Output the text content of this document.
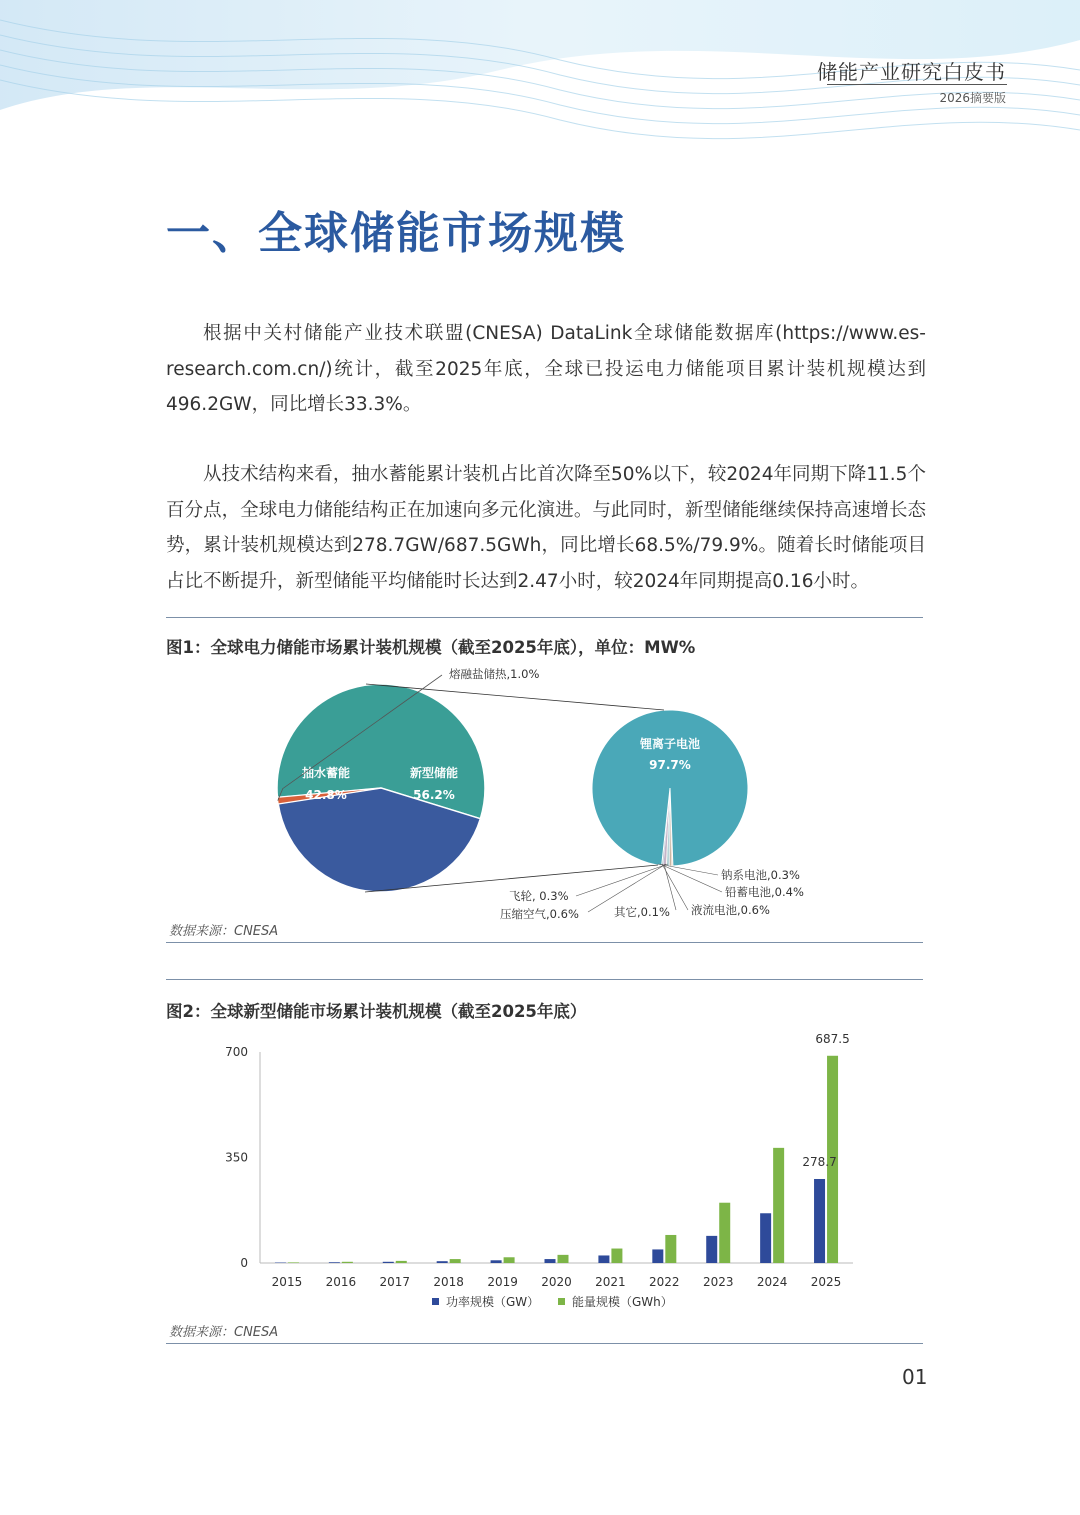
储能产业研究白皮书
2026摘要版
一、全球储能市场规模
根据中关村储能产业技术联盟(CNESA) DataLink全球储能数据库(https://www.es-research.com.cn/)统计，截至2025年底，全球已投运电力储能项目累计装机规模达到496.2GW，同比增长33.3%。
从技术结构来看，抽水蓄能累计装机占比首次降至50%以下，较2024年同期下降11.5个百分点，全球电力储能结构正在加速向多元化演进。与此同时，新型储能继续保持高速增长态势，累计装机规模达到278.7GW/687.5GWh，同比增长68.5%/79.9%。随着长时储能项目占比不断提升，新型储能平均储能时长达到2.47小时，较2024年同期提高0.16小时。
图1：全球电力储能市场累计装机规模（截至2025年底），单位：MW%
抽水蓄能
42.8%
新型储能
56.2%
熔融盐储热,1.0%
锂离子电池
97.7%
钠系电池,0.3%
铅蓄电池,0.4%
液流电池,0.6%
其它,0.1%
压缩空气,0.6%
飞轮, 0.3%
数据来源：CNESA
图2：全球新型储能市场累计装机规模（截至2025年底）
0
350
700
2015 2016 2017 2018 2019 2020 2021 2022 2023 2024 2025
278.7
687.5
功率规模（GW）	能量规模（GWh）
数据来源：CNESA
01
